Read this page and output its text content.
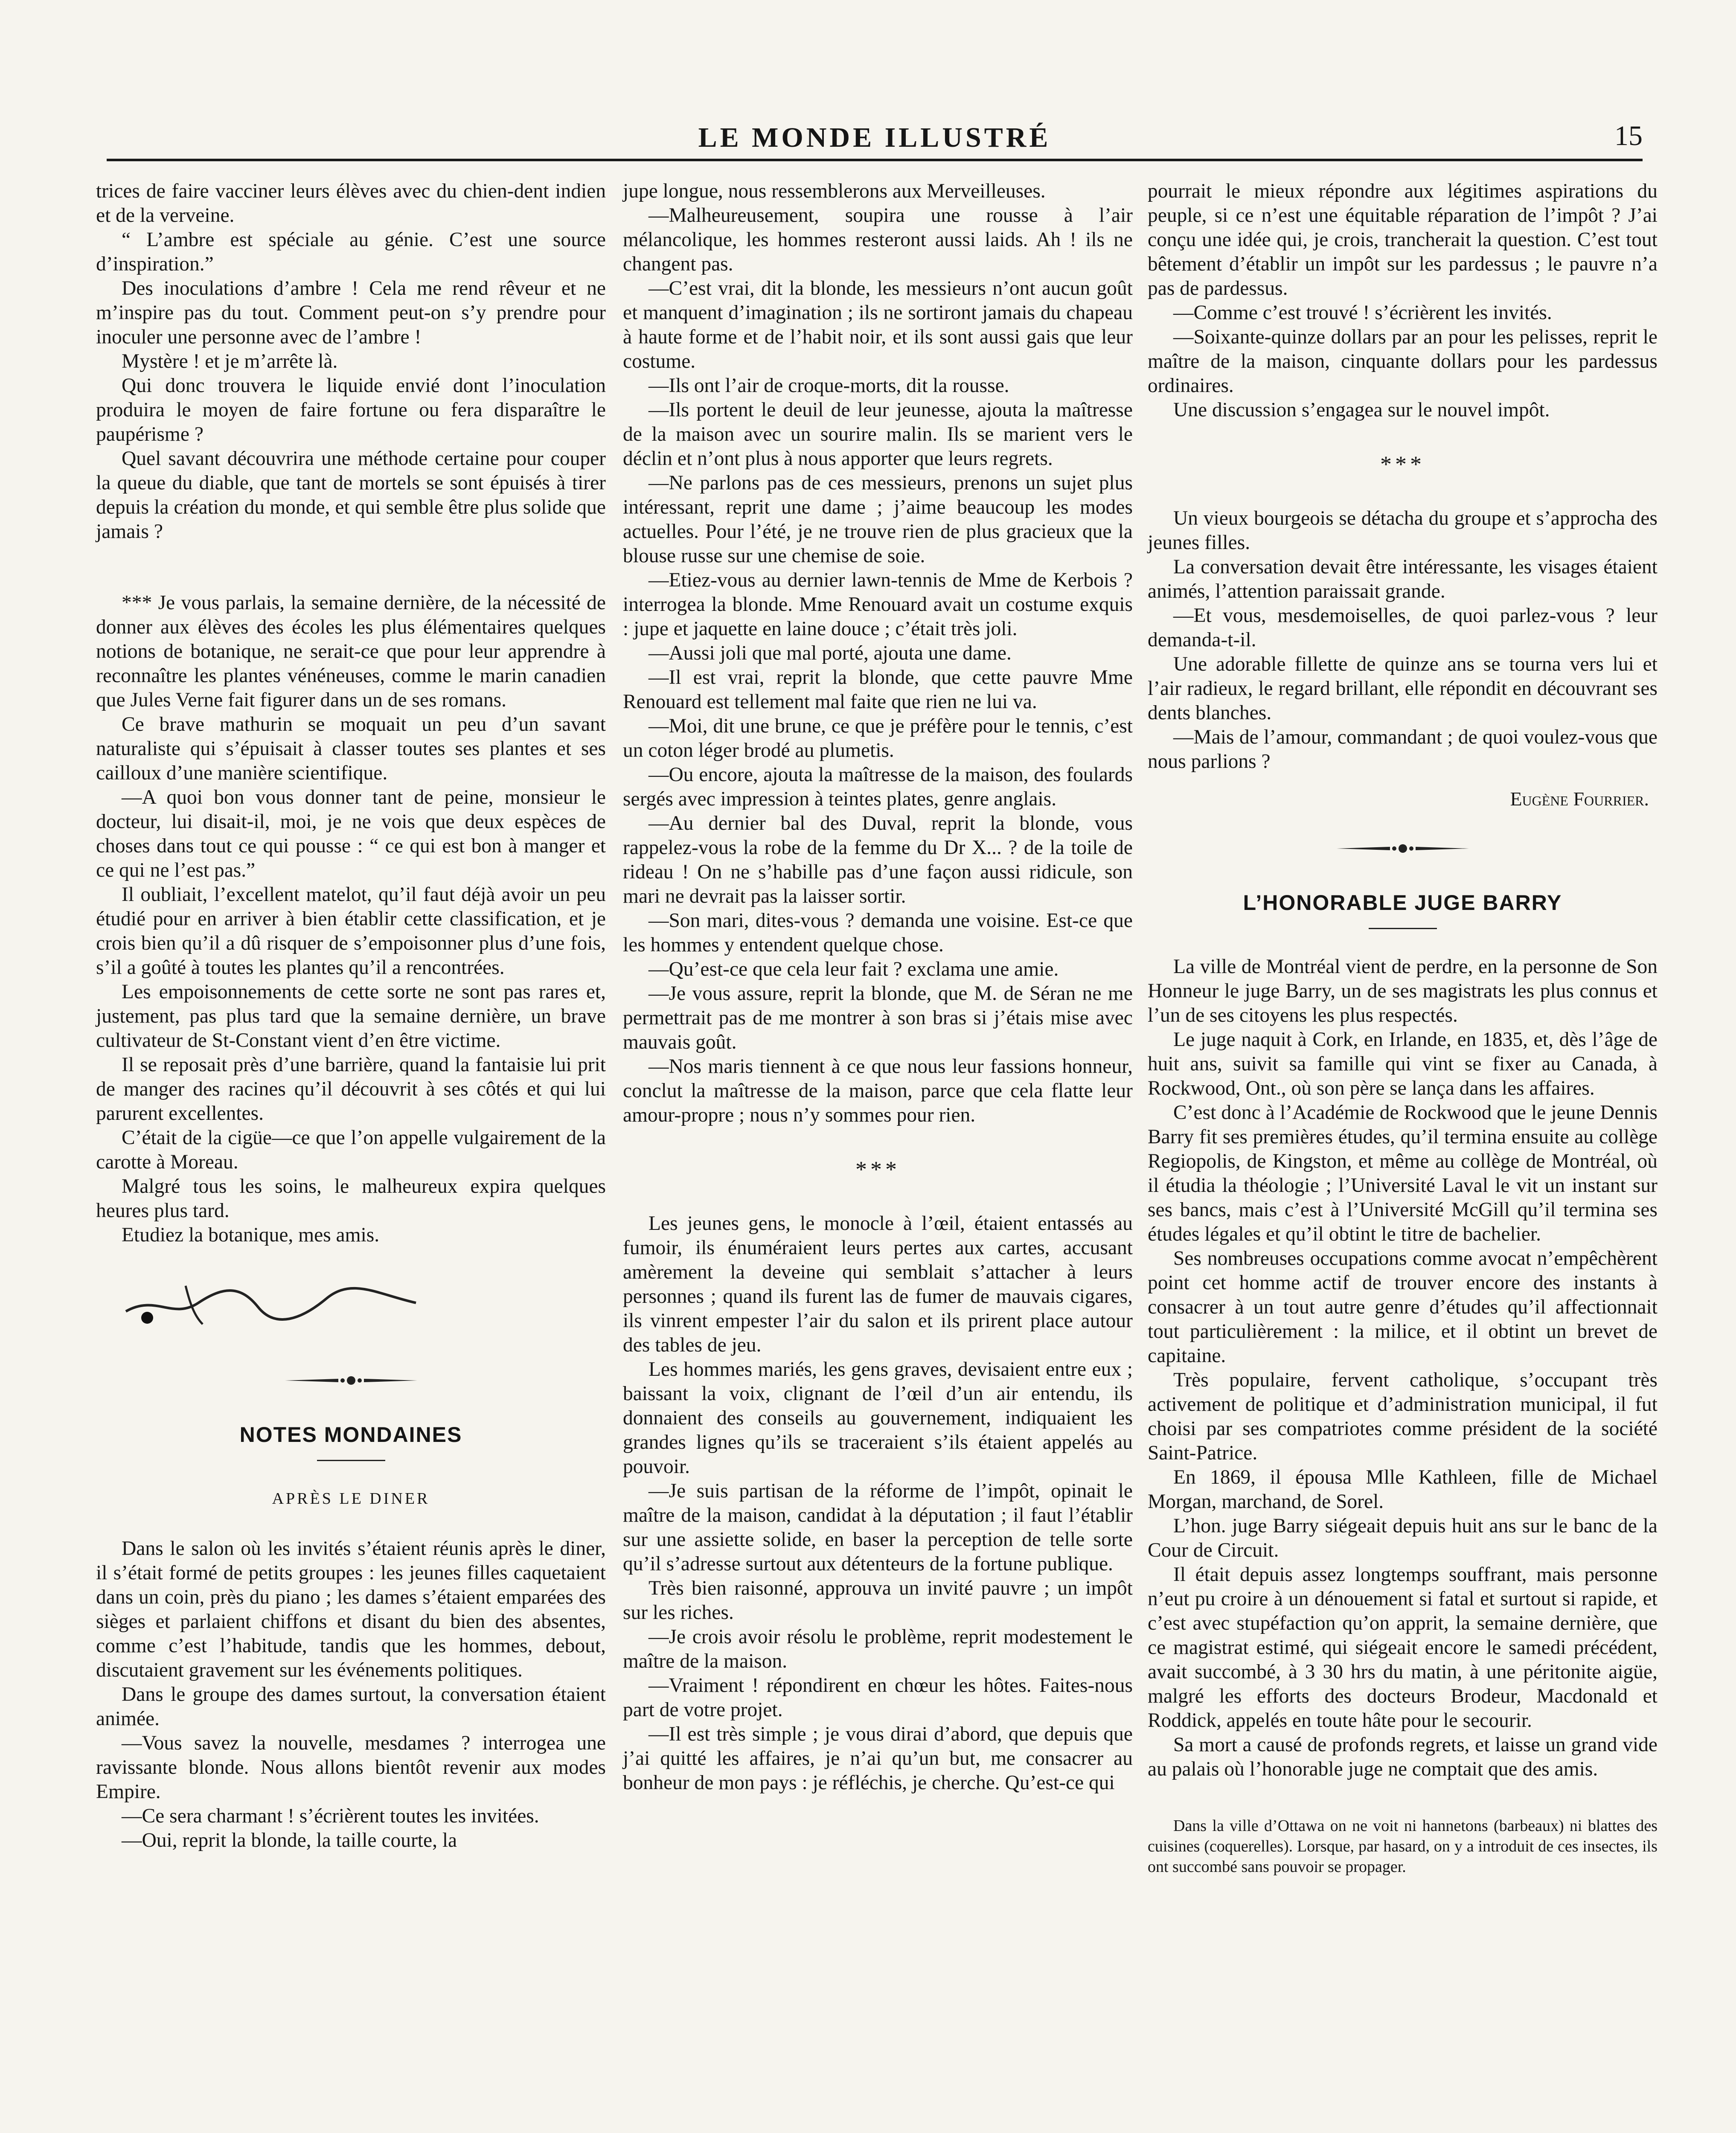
LE MONDE ILLUSTRÉ	15

trices de faire vacciner leurs élèves avec du chien-dent indien et de la verveine.

“ L’ambre est spéciale au génie. C’est une source d’inspiration.”

Des inoculations d’ambre ! Cela me rend rêveur et ne m’inspire pas du tout. Comment peut-on s’y prendre pour inoculer une personne avec de l’ambre !

Mystère ! et je m’arrête là.

Qui donc trouvera le liquide envié dont l’inoculation produira le moyen de faire fortune ou fera disparaître le paupérisme ?

Quel savant découvrira une méthode certaine pour couper la queue du diable, que tant de mortels se sont épuisés à tirer depuis la création du monde, et qui semble être plus solide que jamais ?

*** Je vous parlais, la semaine dernière, de la nécessité de donner aux élèves des écoles les plus élémentaires quelques notions de botanique, ne serait-ce que pour leur apprendre à reconnaître les plantes vénéneuses, comme le marin canadien que Jules Verne fait figurer dans un de ses romans.

Ce brave mathurin se moquait un peu d’un savant naturaliste qui s’épuisait à classer toutes ses plantes et ses cailloux d’une manière scientifique.

—A quoi bon vous donner tant de peine, monsieur le docteur, lui disait-il, moi, je ne vois que deux espèces de choses dans tout ce qui pousse : “ ce qui est bon à manger et ce qui ne l’est pas.”

Il oubliait, l’excellent matelot, qu’il faut déjà avoir un peu étudié pour en arriver à bien établir cette classification, et je crois bien qu’il a dû risquer de s’empoisonner plus d’une fois, s’il a goûté à toutes les plantes qu’il a rencontrées.

Les empoisonnements de cette sorte ne sont pas rares et, justement, pas plus tard que la semaine dernière, un brave cultivateur de St-Constant vient d’en être victime.

Il se reposait près d’une barrière, quand la fantaisie lui prit de manger des racines qu’il découvrit à ses côtés et qui lui parurent excellentes.

C’était de la cigüe—ce que l’on appelle vulgairement de la carotte à Moreau.

Malgré tous les soins, le malheureux expira quelques heures plus tard.

Etudiez la botanique, mes amis.

NOTES MONDAINES
APRÈS LE DINER

Dans le salon où les invités s’étaient réunis après le diner, il s’était formé de petits groupes : les jeunes filles caquetaient dans un coin, près du piano ; les dames s’étaient emparées des sièges et parlaient chiffons et disant du bien des absentes, comme c’est l’habitude, tandis que les hommes, debout, discutaient gravement sur les événements politiques.

Dans le groupe des dames surtout, la conversation étaient animée.

—Vous savez la nouvelle, mesdames ? interrogea une ravissante blonde. Nous allons bientôt revenir aux modes Empire.

—Ce sera charmant ! s’écrièrent toutes les invitées.

—Oui, reprit la blonde, la taille courte, la

jupe longue, nous ressemblerons aux Merveilleuses.

—Malheureusement, soupira une rousse à l’air mélancolique, les hommes resteront aussi laids. Ah ! ils ne changent pas.

—C’est vrai, dit la blonde, les messieurs n’ont aucun goût et manquent d’imagination ; ils ne sortiront jamais du chapeau à haute forme et de l’habit noir, et ils sont aussi gais que leur costume.

—Ils ont l’air de croque-morts, dit la rousse.

—Ils portent le deuil de leur jeunesse, ajouta la maîtresse de la maison avec un sourire malin. Ils se marient vers le déclin et n’ont plus à nous apporter que leurs regrets.

—Ne parlons pas de ces messieurs, prenons un sujet plus intéressant, reprit une dame ; j’aime beaucoup les modes actuelles. Pour l’été, je ne trouve rien de plus gracieux que la blouse russe sur une chemise de soie.

—Etiez-vous au dernier lawn-tennis de Mme de Kerbois ? interrogea la blonde. Mme Renouard avait un costume exquis : jupe et jaquette en laine douce ; c’était très joli.

—Aussi joli que mal porté, ajouta une dame.

—Il est vrai, reprit la blonde, que cette pauvre Mme Renouard est tellement mal faite que rien ne lui va.

—Moi, dit une brune, ce que je préfère pour le tennis, c’est un coton léger brodé au plumetis.

—Ou encore, ajouta la maîtresse de la maison, des foulards sergés avec impression à teintes plates, genre anglais.

—Au dernier bal des Duval, reprit la blonde, vous rappelez-vous la robe de la femme du Dr X... ? de la toile de rideau ! On ne s’habille pas d’une façon aussi ridicule, son mari ne devrait pas la laisser sortir.

—Son mari, dites-vous ? demanda une voisine. Est-ce que les hommes y entendent quelque chose.

—Qu’est-ce que cela leur fait ? exclama une amie.

—Je vous assure, reprit la blonde, que M. de Séran ne me permettrait pas de me montrer à son bras si j’étais mise avec mauvais goût.

—Nos maris tiennent à ce que nous leur fassions honneur, conclut la maîtresse de la maison, parce que cela flatte leur amour-propre ; nous n’y sommes pour rien.

***

Les jeunes gens, le monocle à l’œil, étaient entassés au fumoir, ils énuméraient leurs pertes aux cartes, accusant amèrement la deveine qui semblait s’attacher à leurs personnes ; quand ils furent las de fumer de mauvais cigares, ils vinrent empester l’air du salon et ils prirent place autour des tables de jeu.

Les hommes mariés, les gens graves, devisaient entre eux ; baissant la voix, clignant de l’œil d’un air entendu, ils donnaient des conseils au gouvernement, indiquaient les grandes lignes qu’ils se traceraient s’ils étaient appelés au pouvoir.

—Je suis partisan de la réforme de l’impôt, opinait le maître de la maison, candidat à la députation ; il faut l’établir sur une assiette solide, en baser la perception de telle sorte qu’il s’adresse surtout aux détenteurs de la fortune publique.

Très bien raisonné, approuva un invité pauvre ; un impôt sur les riches.

—Je crois avoir résolu le problème, reprit modestement le maître de la maison.

—Vraiment ! répondirent en chœur les hôtes. Faites-nous part de votre projet.

—Il est très simple ; je vous dirai d’abord, que depuis que j’ai quitté les affaires, je n’ai qu’un but, me consacrer au bonheur de mon pays : je réfléchis, je cherche. Qu’est-ce qui

pourrait le mieux répondre aux légitimes aspirations du peuple, si ce n’est une équitable réparation de l’impôt ? J’ai conçu une idée qui, je crois, trancherait la question. C’est tout bêtement d’établir un impôt sur les pardessus ; le pauvre n’a pas de pardessus.

—Comme c’est trouvé ! s’écrièrent les invités.

—Soixante-quinze dollars par an pour les pelisses, reprit le maître de la maison, cinquante dollars pour les pardessus ordinaires.

Une discussion s’engagea sur le nouvel impôt.

***

Un vieux bourgeois se détacha du groupe et s’approcha des jeunes filles.

La conversation devait être intéressante, les visages étaient animés, l’attention paraissait grande.

—Et vous, mesdemoiselles, de quoi parlez-vous ? leur demanda-t-il.

Une adorable fillette de quinze ans se tourna vers lui et l’air radieux, le regard brillant, elle répondit en découvrant ses dents blanches.

—Mais de l’amour, commandant ; de quoi voulez-vous que nous parlions ?

Eugène Fourrier.
L’HONORABLE JUGE BARRY

La ville de Montréal vient de perdre, en la personne de Son Honneur le juge Barry, un de ses magistrats les plus connus et l’un de ses citoyens les plus respectés.

Le juge naquit à Cork, en Irlande, en 1835, et, dès l’âge de huit ans, suivit sa famille qui vint se fixer au Canada, à Rockwood, Ont., où son père se lança dans les affaires.

C’est donc à l’Académie de Rockwood que le jeune Dennis Barry fit ses premières études, qu’il termina ensuite au collège Regiopolis, de Kingston, et même au collège de Montréal, où il étudia la théologie ; l’Université Laval le vit un instant sur ses bancs, mais c’est à l’Université McGill qu’il termina ses études légales et qu’il obtint le titre de bachelier.

Ses nombreuses occupations comme avocat n’empêchèrent point cet homme actif de trouver encore des instants à consacrer à un tout autre genre d’études qu’il affectionnait tout particulièrement : la milice, et il obtint un brevet de capitaine.

Très populaire, fervent catholique, s’occupant très activement de politique et d’administration municipal, il fut choisi par ses compatriotes comme président de la société Saint-Patrice.

En 1869, il épousa Mlle Kathleen, fille de Michael Morgan, marchand, de Sorel.

L’hon. juge Barry siégeait depuis huit ans sur le banc de la Cour de Circuit.

Il était depuis assez longtemps souffrant, mais personne n’eut pu croire à un dénouement si fatal et surtout si rapide, et c’est avec stupéfaction qu’on apprit, la semaine dernière, que ce magistrat estimé, qui siégeait encore le samedi précédent, avait succombé, à 3 30 hrs du matin, à une péritonite aigüe, malgré les efforts des docteurs Brodeur, Macdonald et Roddick, appelés en toute hâte pour le secourir.

Sa mort a causé de profonds regrets, et laisse un grand vide au palais où l’honorable juge ne comptait que des amis.

Dans la ville d’Ottawa on ne voit ni hannetons (barbeaux) ni blattes des cuisines (coquerelles). Lorsque, par hasard, on y a introduit de ces insectes, ils ont succombé sans pouvoir se propager.
